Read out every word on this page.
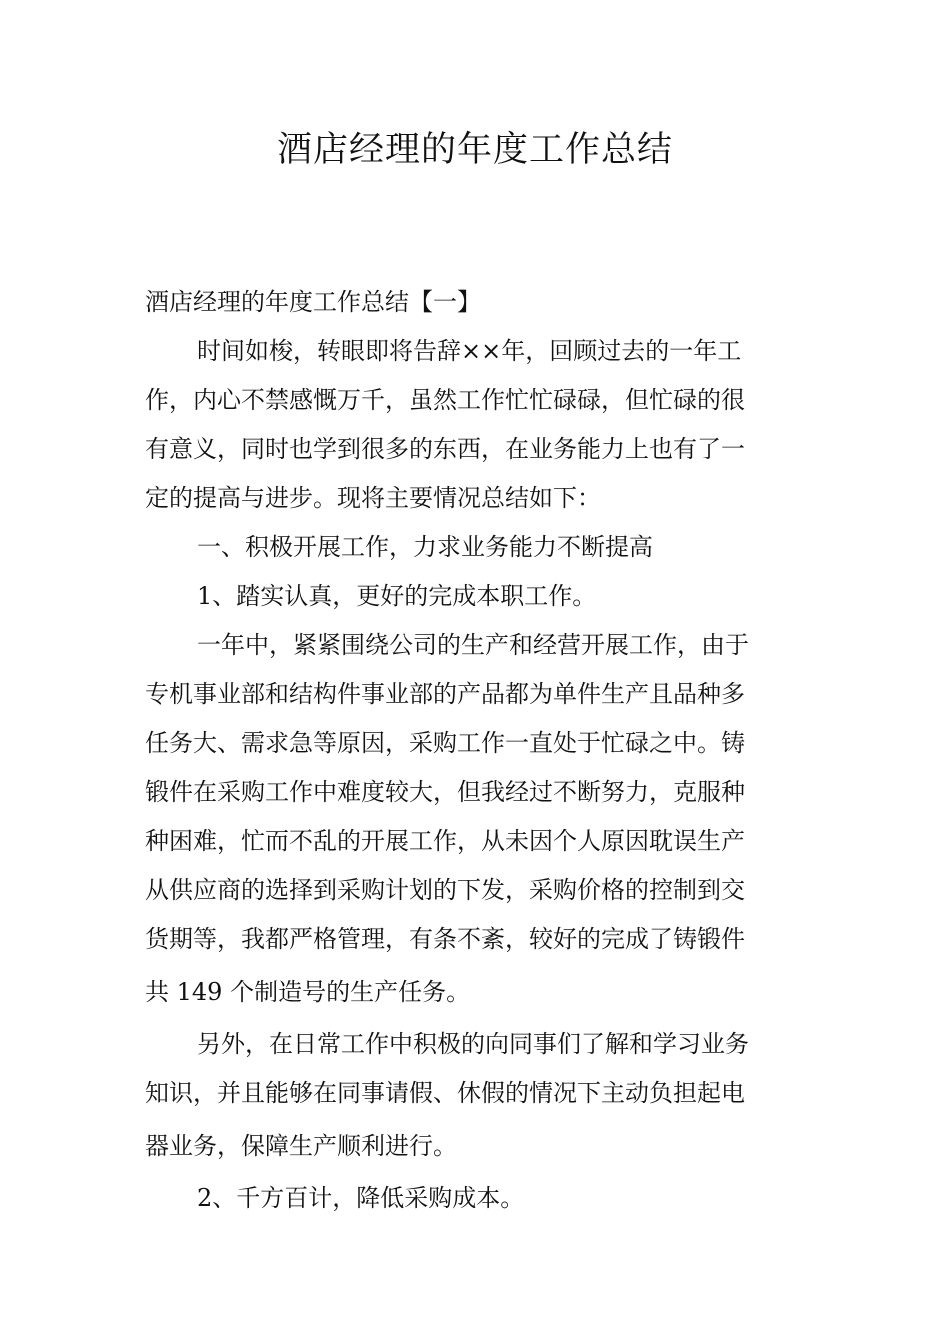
酒店经理的年度工作总结
酒店经理的年度工作总结【一】
时间如梭，转眼即将告辞××年，回顾过去的一年工
作，内心不禁感慨万千，虽然工作忙忙碌碌，但忙碌的很
有意义，同时也学到很多的东西，在业务能力上也有了一
定的提高与进步。现将主要情况总结如下：
一、积极开展工作，力求业务能力不断提高
1、踏实认真，更好的完成本职工作。
一年中，紧紧围绕公司的生产和经营开展工作，由于
专机事业部和结构件事业部的产品都为单件生产且品种多
任务大、需求急等原因，采购工作一直处于忙碌之中。铸
锻件在采购工作中难度较大，但我经过不断努力，克服种
种困难，忙而不乱的开展工作，从未因个人原因耽误生产
从供应商的选择到采购计划的下发，采购价格的控制到交
货期等，我都严格管理，有条不紊，较好的完成了铸锻件
共 149 个制造号的生产任务。
另外，在日常工作中积极的向同事们了解和学习业务
知识，并且能够在同事请假、休假的情况下主动负担起电
器业务，保障生产顺利进行。
2、千方百计，降低采购成本。
